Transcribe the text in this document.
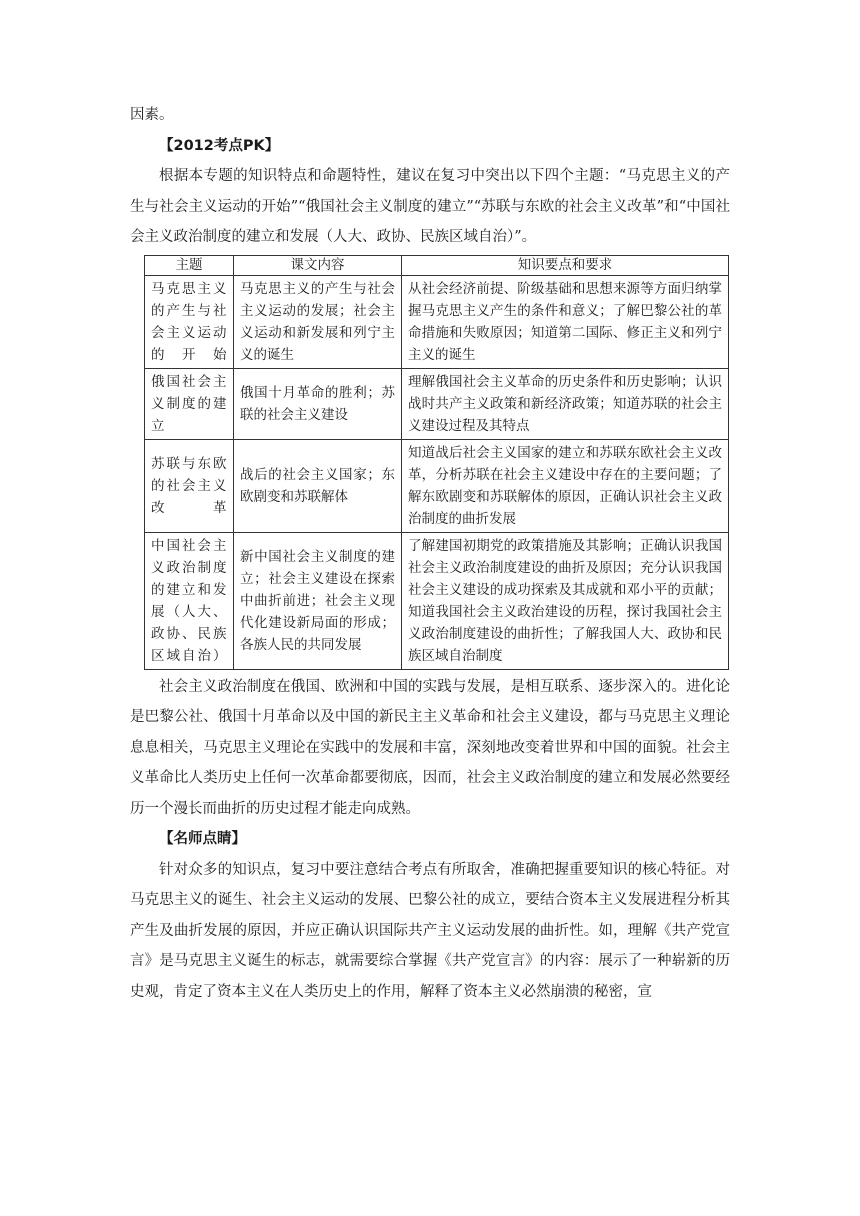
因素。

【2012考点PK】

根据本专题的知识特点和命题特性，建议在复习中突出以下四个主题：“马克思主义的产生与社会主义运动的开始”“俄国社会主义制度的建立”“苏联与东欧的社会主义改革”和“中国社会主义政治制度的建立和发展（人大、政协、民族区域自治）”。

主题	课文内容	知识要点和要求
马克思主义的产生与社会主义运动的开始	马克思主义的产生与社会主义运动的发展；社会主义运动和新发展和列宁主义的诞生	从社会经济前提、阶级基础和思想来源等方面归纳掌握马克思主义产生的条件和意义；了解巴黎公社的革命措施和失败原因；知道第二国际、修正主义和列宁主义的诞生
俄国社会主义制度的建立	俄国十月革命的胜利；苏联的社会主义建设	理解俄国社会主义革命的历史条件和历史影响；认识战时共产主义政策和新经济政策；知道苏联的社会主义建设过程及其特点
苏联与东欧的社会主义改革	战后的社会主义国家；东欧剧变和苏联解体	知道战后社会主义国家的建立和苏联东欧社会主义改革，分析苏联在社会主义建设中存在的主要问题；了解东欧剧变和苏联解体的原因，正确认识社会主义政治制度的曲折发展
中国社会主义政治制度的建立和发展（人大、政协、民族区域自治）	新中国社会主义制度的建立；社会主义建设在探索中曲折前进；社会主义现代化建设新局面的形成；各族人民的共同发展	了解建国初期党的政策措施及其影响；正确认识我国社会主义政治制度建设的曲折及原因；充分认识我国社会主义建设的成功探索及其成就和邓小平的贡献；知道我国社会主义政治建设的历程，探讨我国社会主义政治制度建设的曲折性；了解我国人大、政协和民族区域自治制度

社会主义政治制度在俄国、欧洲和中国的实践与发展，是相互联系、逐步深入的。进化论是巴黎公社、俄国十月革命以及中国的新民主主义革命和社会主义建设，都与马克思主义理论息息相关，马克思主义理论在实践中的发展和丰富，深刻地改变着世界和中国的面貌。社会主义革命比人类历史上任何一次革命都要彻底，因而，社会主义政治制度的建立和发展必然要经历一个漫长而曲折的历史过程才能走向成熟。

【名师点睛】

针对众多的知识点，复习中要注意结合考点有所取舍，准确把握重要知识的核心特征。对马克思主义的诞生、社会主义运动的发展、巴黎公社的成立，要结合资本主义发展进程分析其产生及曲折发展的原因，并应正确认识国际共产主义运动发展的曲折性。如，理解《共产党宣言》是马克思主义诞生的标志，就需要综合掌握《共产党宣言》的内容：展示了一种崭新的历史观，肯定了资本主义在人类历史上的作用，解释了资本主义必然崩溃的秘密，宣
